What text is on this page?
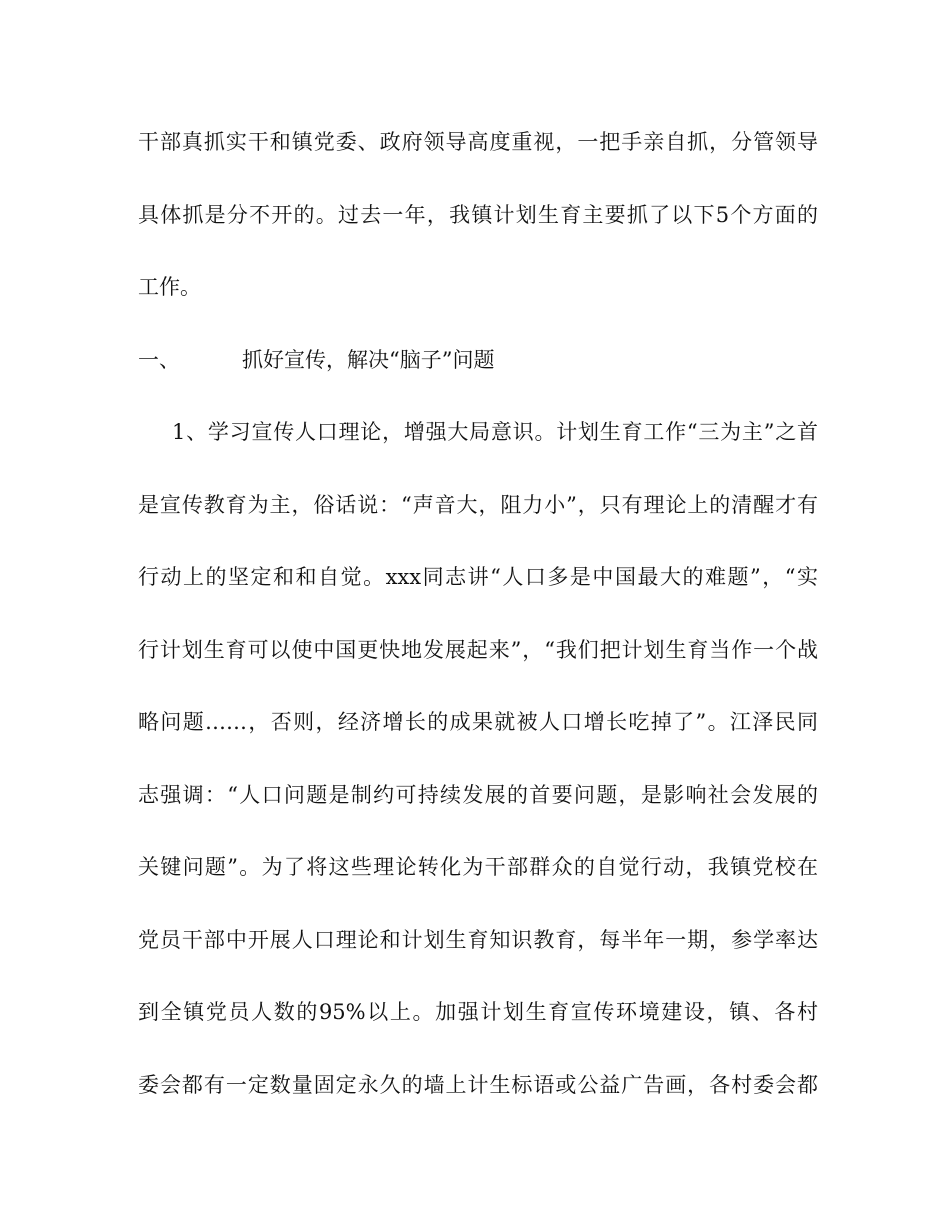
干部真抓实干和镇党委、政府领导高度重视，一把手亲自抓，分管领导
具体抓是分不开的。过去一年，我镇计划生育主要抓了以下5个方面的
工作。
一、	抓好宣传，解决“脑子”问题
1、学习宣传人口理论，增强大局意识。计划生育工作“三为主”之首
是宣传教育为主，俗话说：“声音大，阻力小”，只有理论上的清醒才有
行动上的坚定和和自觉。xxx同志讲“人口多是中国最大的难题”，“实
行计划生育可以使中国更快地发展起来”，“我们把计划生育当作一个战
略问题……，否则，经济增长的成果就被人口增长吃掉了”。江泽民同
志强调：“人口问题是制约可持续发展的首要问题，是影响社会发展的
关键问题”。为了将这些理论转化为干部群众的自觉行动，我镇党校在
党员干部中开展人口理论和计划生育知识教育，每半年一期，参学率达
到全镇党员人数的95%以上。加强计划生育宣传环境建设，镇、各村
委会都有一定数量固定永久的墙上计生标语或公益广告画，各村委会都
